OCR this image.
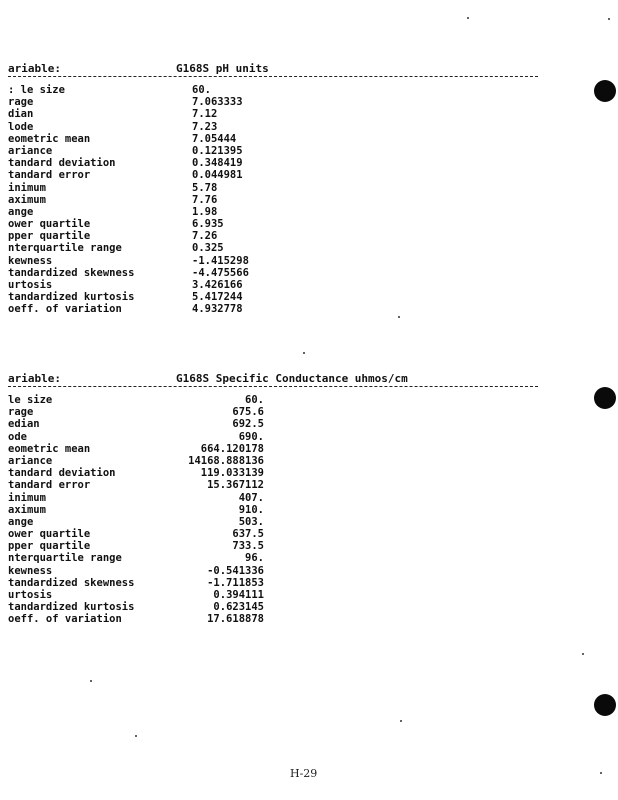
ariable:	G168S pH units
: le size	60.
rage	7.063333
dian	7.12
lode	7.23
eometric mean	7.05444
ariance	0.121395
tandard deviation	0.348419
tandard error	0.044981
inimum	5.78
aximum	7.76
ange	1.98
ower quartile	6.935
pper quartile	7.26
nterquartile range	0.325
kewness	-1.415298
tandardized skewness	-4.475566
urtosis	3.426166
tandardized kurtosis	5.417244
oeff. of variation	4.932778
ariable:	G168S Specific Conductance uhmos/cm
le size	60.
rage	675.6
edian	692.5
ode	690.
eometric mean	664.120178
ariance	14168.888136
tandard deviation	119.033139
tandard error	15.367112
inimum	407.
aximum	910.
ange	503.
ower quartile	637.5
pper quartile	733.5
nterquartile range	96.
kewness	-0.541336
tandardized skewness	-1.711853
urtosis	0.394111
tandardized kurtosis	0.623145
oeff. of variation	17.618878
H-29
